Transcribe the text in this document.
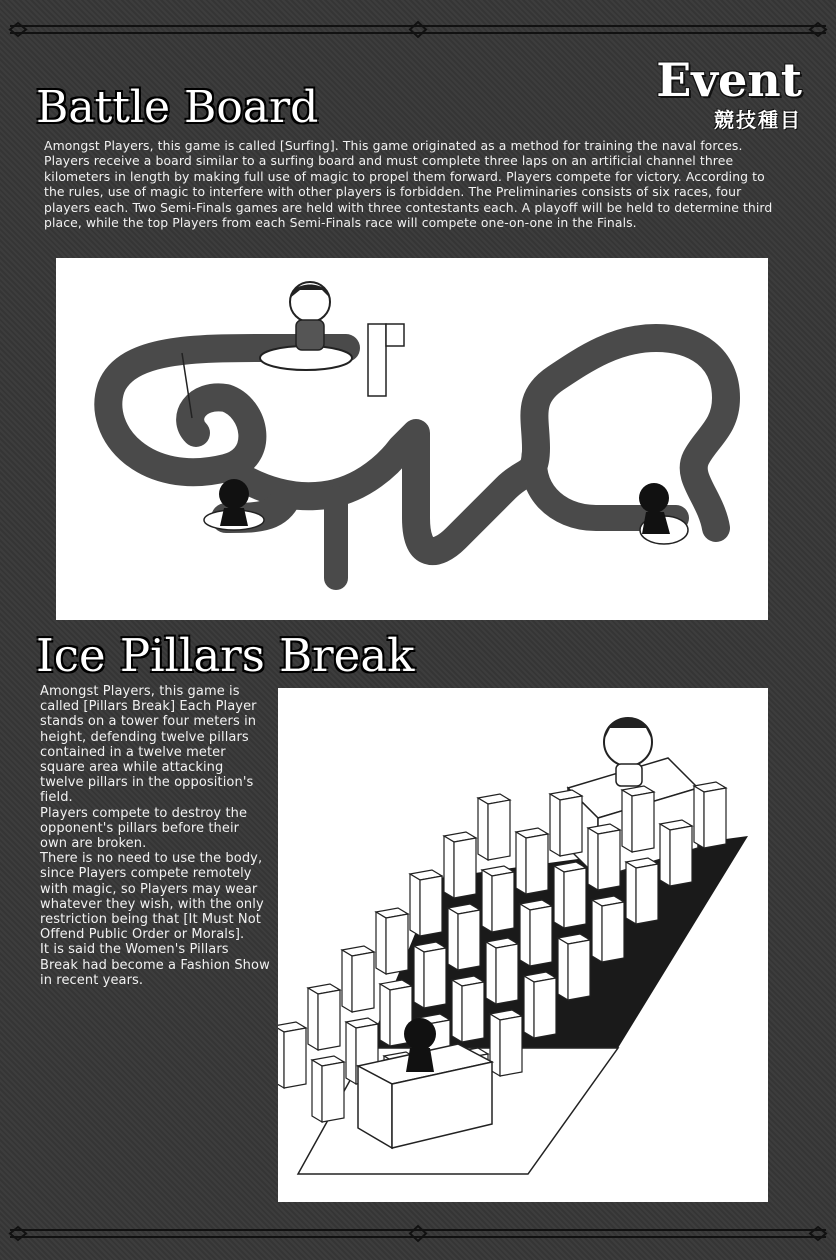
Event
競技種目
Battle Board

Amongst Players, this game is called [Surfing]. This game originated as a method for training the naval forces. Players receive a board similar to a surfing board and must complete three laps on an artificial channel three kilometers in length by making full use of magic to propel them forward. Players compete for victory. According to the rules, use of magic to interfere with other players is forbidden. The Preliminaries consists of six races, four players each. Two Semi-Finals games are held with three contestants each. A playoff will be held to determine third place, while the top Players from each Semi-Finals race will compete one-on-one in the Finals.

Ice Pillars Break

Amongst Players, this game is called [Pillars Break] Each Player stands on a tower four meters in height, defending twelve pillars contained in a twelve meter square area while attacking twelve pillars in the opposition's field.

Players compete to destroy the opponent's pillars before their own are broken.

There is no need to use the body, since Players compete remotely with magic, so Players may wear whatever they wish, with the only restriction being that [It Must Not Offend Public Order or Morals].

It is said the Women's Pillars Break had become a Fashion Show in recent years.
